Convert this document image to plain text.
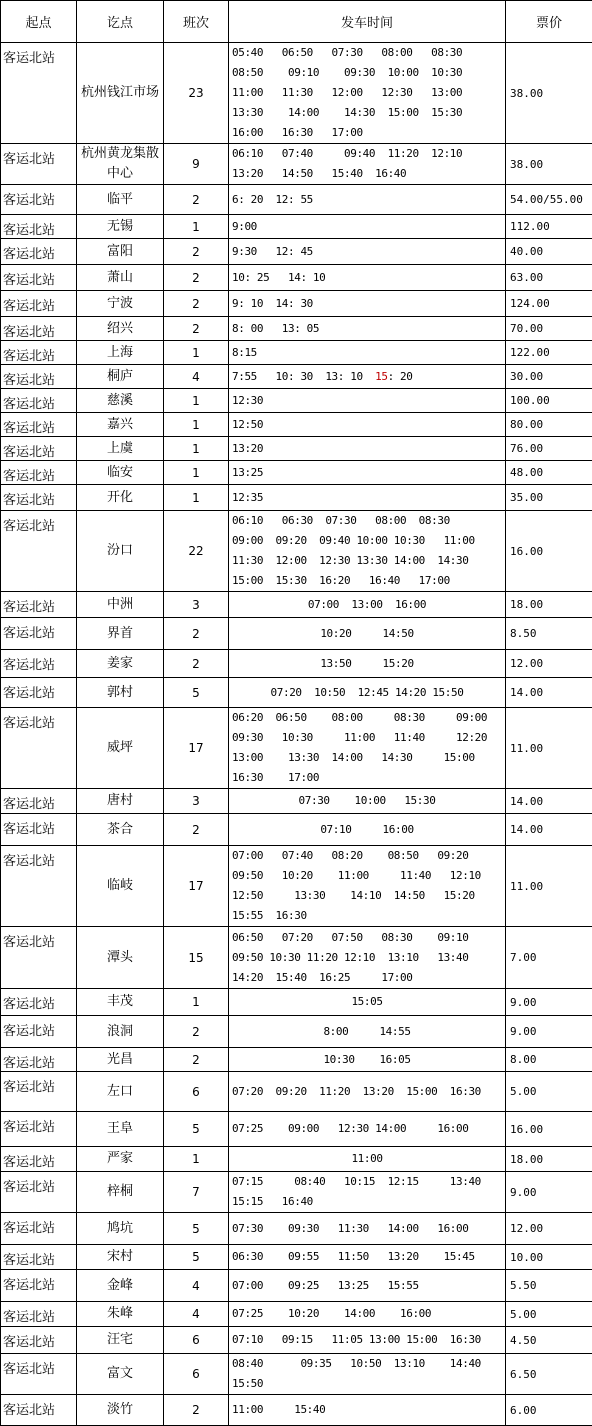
起点	讫点	班次	发车时间	票价
客运北站	杭州钱江市场	23	05:40   06:50   07:30   08:00   08:30
08:50    09:10    09:30  10:00  10:30
11:00   11:30   12:00   12:30   13:00
13:30    14:00    14:30  15:00  15:30
16:00   16:30   17:00	38.00
客运北站	杭州黄龙集散中心	9	06:10   07:40     09:40  11:20  12:10
13:20   14:50   15:40  16:40	38.00
客运北站	临平	2	6: 20  12: 55	54.00/55.00
客运北站	无锡	1	9:00	112.00
客运北站	富阳	2	9:30   12: 45	40.00
客运北站	萧山	2	10: 25   14: 10	63.00
客运北站	宁波	2	9: 10  14: 30	124.00
客运北站	绍兴	2	8: 00   13: 05	70.00
客运北站	上海	1	8:15	122.00
客运北站	桐庐	4	7:55   10: 30  13: 10  15: 20	30.00
客运北站	慈溪	1	12:30	100.00
客运北站	嘉兴	1	12:50	80.00
客运北站	上虞	1	13:20	76.00
客运北站	临安	1	13:25	48.00
客运北站	开化	1	12:35	35.00
客运北站	汾口	22	06:10   06:30  07:30   08:00  08:30
09:00  09:20  09:40 10:00 10:30   11:00
11:30  12:00  12:30 13:30 14:00  14:30
15:00  15:30  16:20   16:40   17:00	16.00
客运北站	中洲	3	07:00  13:00  16:00	18.00
客运北站	界首	2	10:20     14:50	8.50
客运北站	姜家	2	13:50     15:20	12.00
客运北站	郭村	5	07:20  10:50  12:45 14:20 15:50	14.00
客运北站	威坪	17	06:20  06:50    08:00     08:30     09:00
09:30   10:30     11:00   11:40     12:20
13:00    13:30  14:00   14:30     15:00
16:30    17:00	11.00
客运北站	唐村	3	07:30    10:00   15:30	14.00
客运北站	茶合	2	07:10     16:00	14.00
客运北站	临岐	17	07:00   07:40   08:20    08:50   09:20
09:50   10:20    11:00     11:40   12:10
12:50     13:30    14:10  14:50   15:20
15:55  16:30	11.00
客运北站	潭头	15	06:50   07:20   07:50   08:30    09:10
09:50 10:30 11:20 12:10  13:10   13:40
14:20  15:40  16:25     17:00	7.00
客运北站	丰茂	1	15:05	9.00
客运北站	浪洞	2	8:00     14:55	9.00
客运北站	光昌	2	10:30    16:05	8.00
客运北站	左口	6	07:20  09:20  11:20  13:20  15:00  16:30	5.00
客运北站	王阜	5	07:25    09:00   12:30 14:00     16:00	16.00
客运北站	严家	1	11:00	18.00
客运北站	梓桐	7	07:15     08:40   10:15  12:15     13:40
15:15   16:40	9.00
客运北站	鸠坑	5	07:30    09:30   11:30   14:00   16:00	12.00
客运北站	宋村	5	06:30    09:55   11:50   13:20    15:45	10.00
客运北站	金峰	4	07:00    09:25   13:25   15:55	5.50
客运北站	朱峰	4	07:25    10:20    14:00    16:00	5.00
客运北站	汪宅	6	07:10   09:15   11:05 13:00 15:00  16:30	4.50
客运北站	富文	6	08:40      09:35   10:50  13:10    14:40
15:50	6.50
客运北站	淡竹	2	11:00     15:40	6.00
